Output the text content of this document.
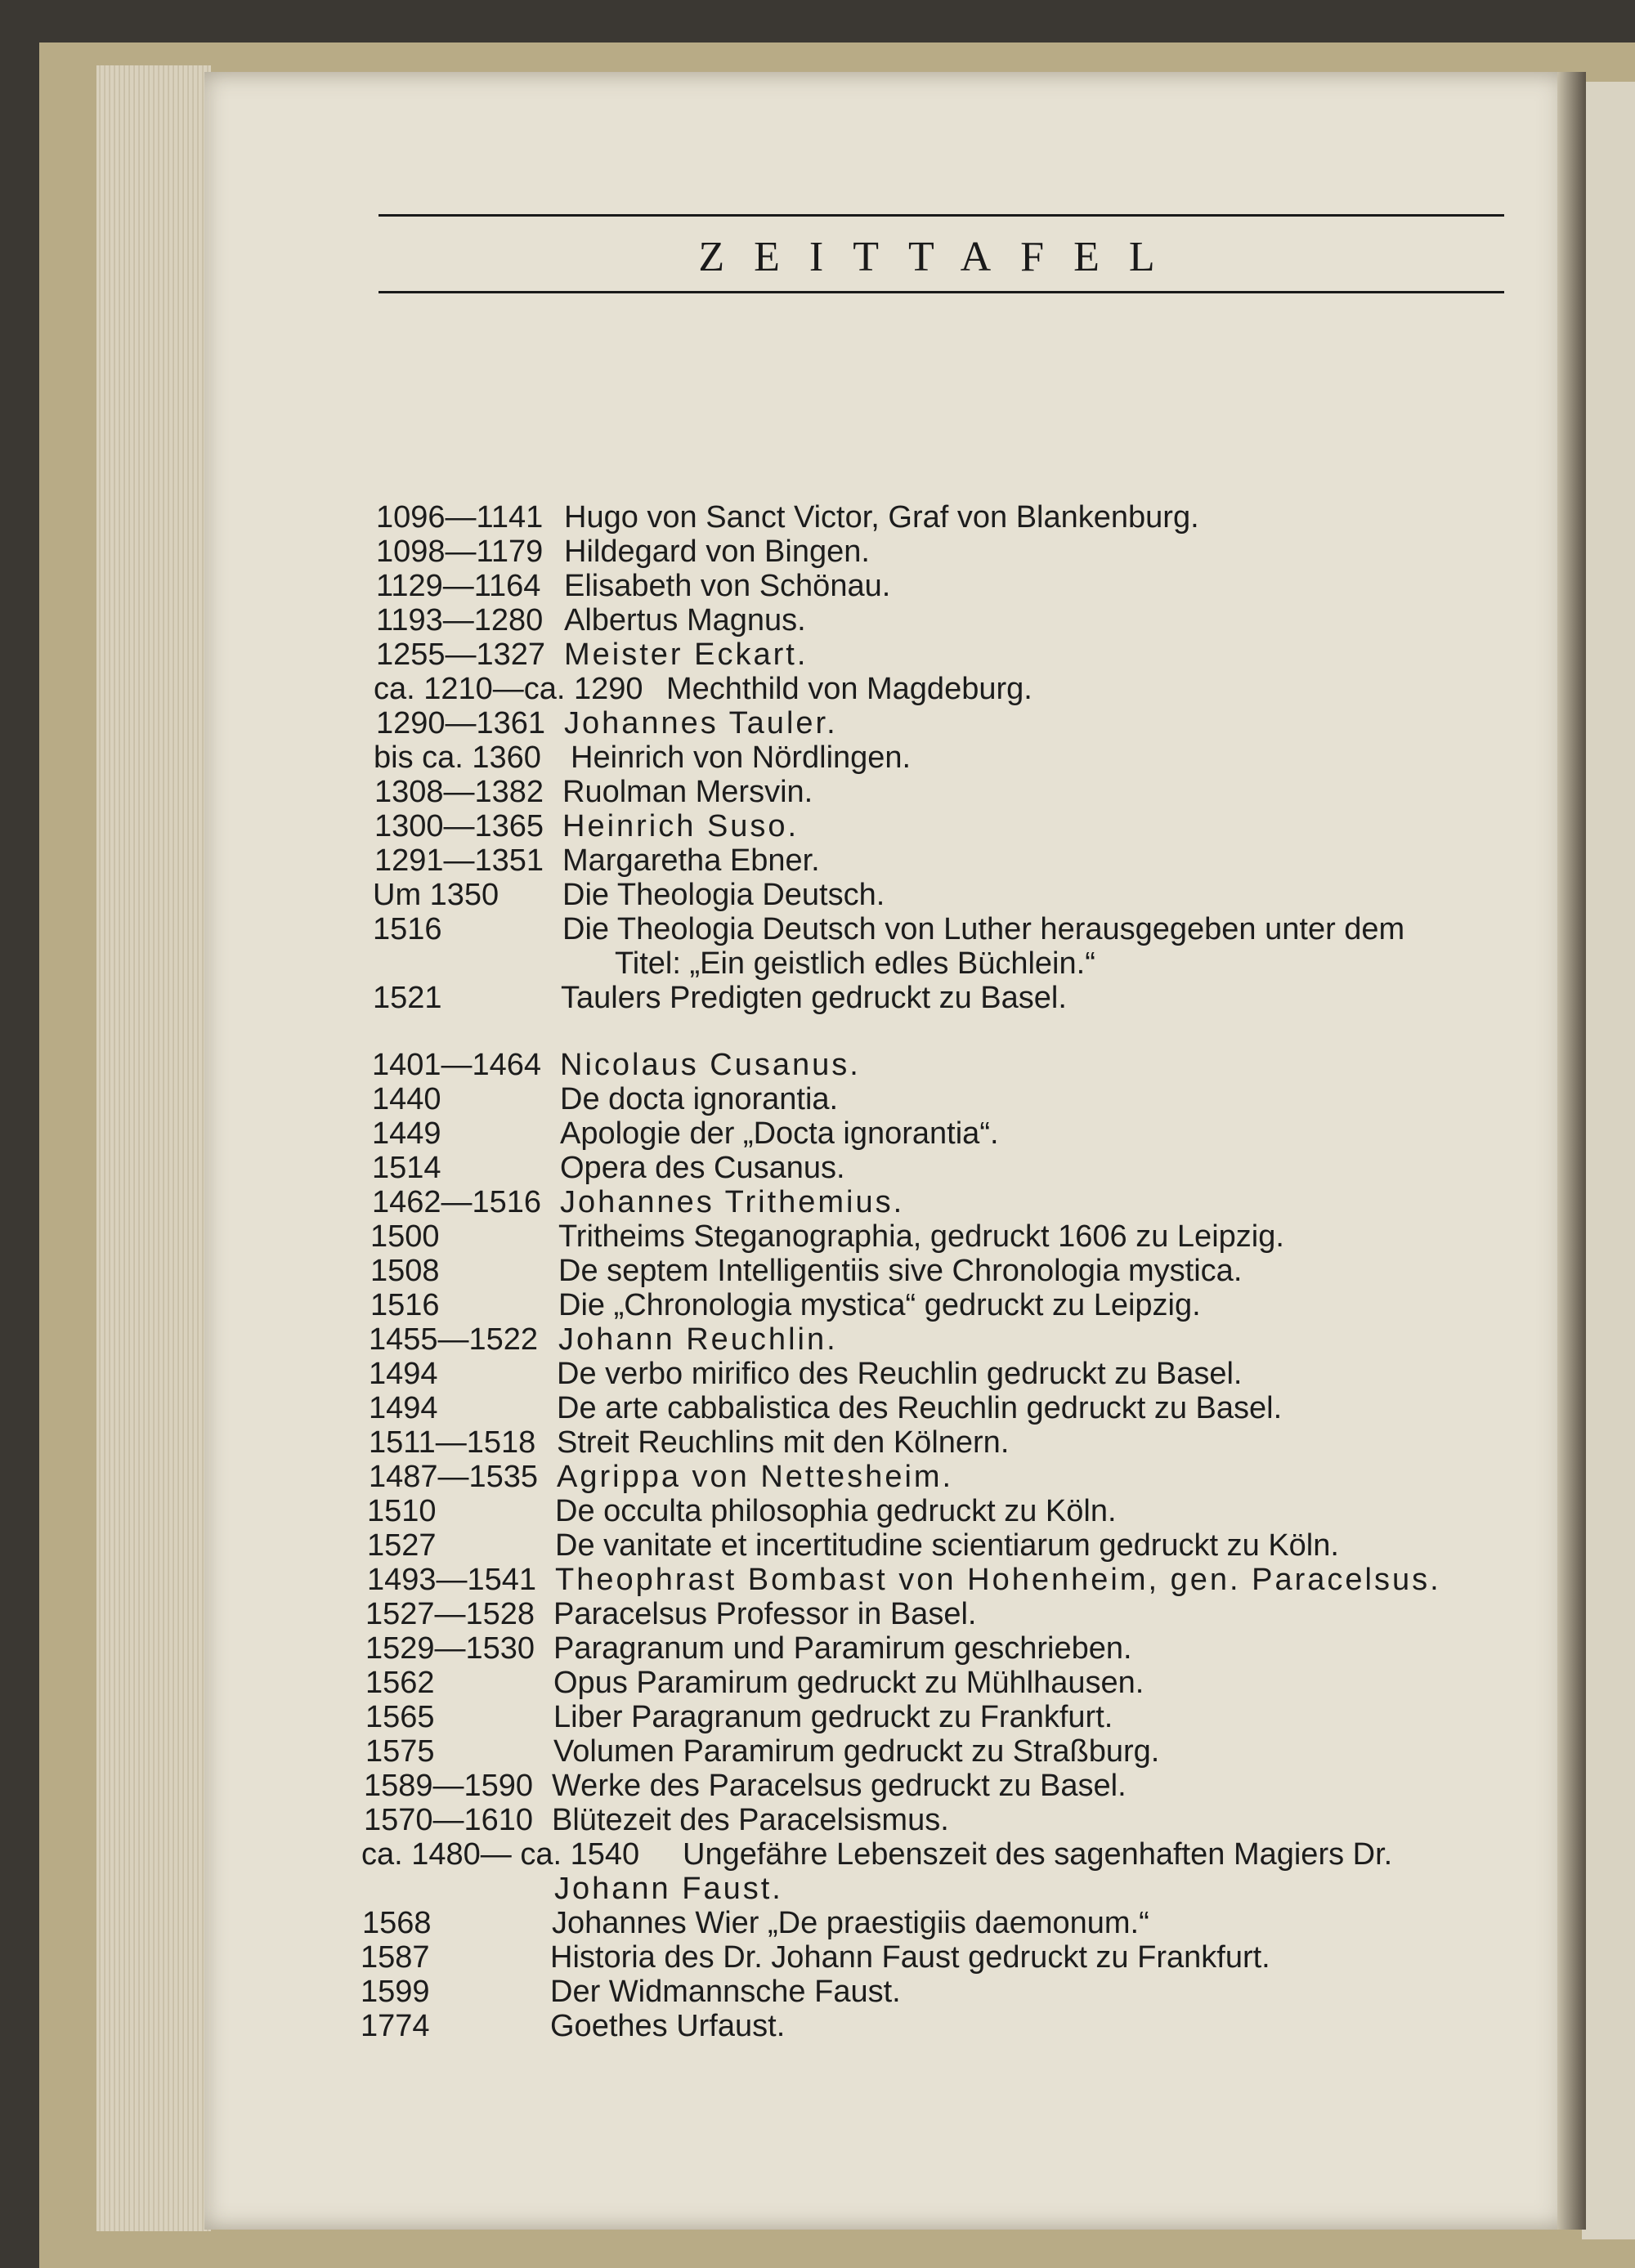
ZEITTAFEL
1096—1141 Hugo von Sanct Victor, Graf von Blankenburg.
1098—1179 Hildegard von Bingen.
1129—1164 Elisabeth von Schönau.
1193—1280 Albertus Magnus.
1255—1327 Meister Eckart.
ca. 1210—ca. 1290 Mechthild von Magdeburg.
1290—1361 Johannes Tauler.
bis ca. 1360 Heinrich von Nördlingen.
1308—1382 Ruolman Mersvin.
1300—1365 Heinrich Suso.
1291—1351 Margaretha Ebner.
Um 1350 Die Theologia Deutsch.
1516	Die Theologia Deutsch von Luther herausgegeben unter dem
Titel: „Ein geistlich edles Büchlein.“
1521	Taulers Predigten gedruckt zu Basel.
1401—1464 Nicolaus Cusanus.
1440	De docta ignorantia.
1449	Apologie der „Docta ignorantia“.
1514	Opera des Cusanus.
1462—1516 Johannes Trithemius.
1500	Tritheims Steganographia, gedruckt 1606 zu Leipzig.
1508	De septem Intelligentiis sive Chronologia mystica.
1516	Die „Chronologia mystica“ gedruckt zu Leipzig.
1455—1522 Johann Reuchlin.
1494	De verbo mirifico des Reuchlin gedruckt zu Basel.
1494	De arte cabbalistica des Reuchlin gedruckt zu Basel.
1511—1518 Streit Reuchlins mit den Kölnern.
1487—1535 Agrippa von Nettesheim.
1510	De occulta philosophia gedruckt zu Köln.
1527	De vanitate et incertitudine scientiarum gedruckt zu Köln.
1493—1541 Theophrast Bombast von Hohenheim, gen. Paracelsus.
1527—1528 Paracelsus Professor in Basel.
1529—1530 Paragranum und Paramirum geschrieben.
1562	Opus Paramirum gedruckt zu Mühlhausen.
1565	Liber Paragranum gedruckt zu Frankfurt.
1575	Volumen Paramirum gedruckt zu Straßburg.
1589—1590 Werke des Paracelsus gedruckt zu Basel.
1570—1610 Blütezeit des Paracelsismus.
ca. 1480— ca. 1540 Ungefähre Lebenszeit des sagenhaften Magiers Dr.
Johann Faust.
1568	Johannes Wier „De praestigiis daemonum.“
1587	Historia des Dr. Johann Faust gedruckt zu Frankfurt.
1599	Der Widmannsche Faust.
1774	Goethes Urfaust.
